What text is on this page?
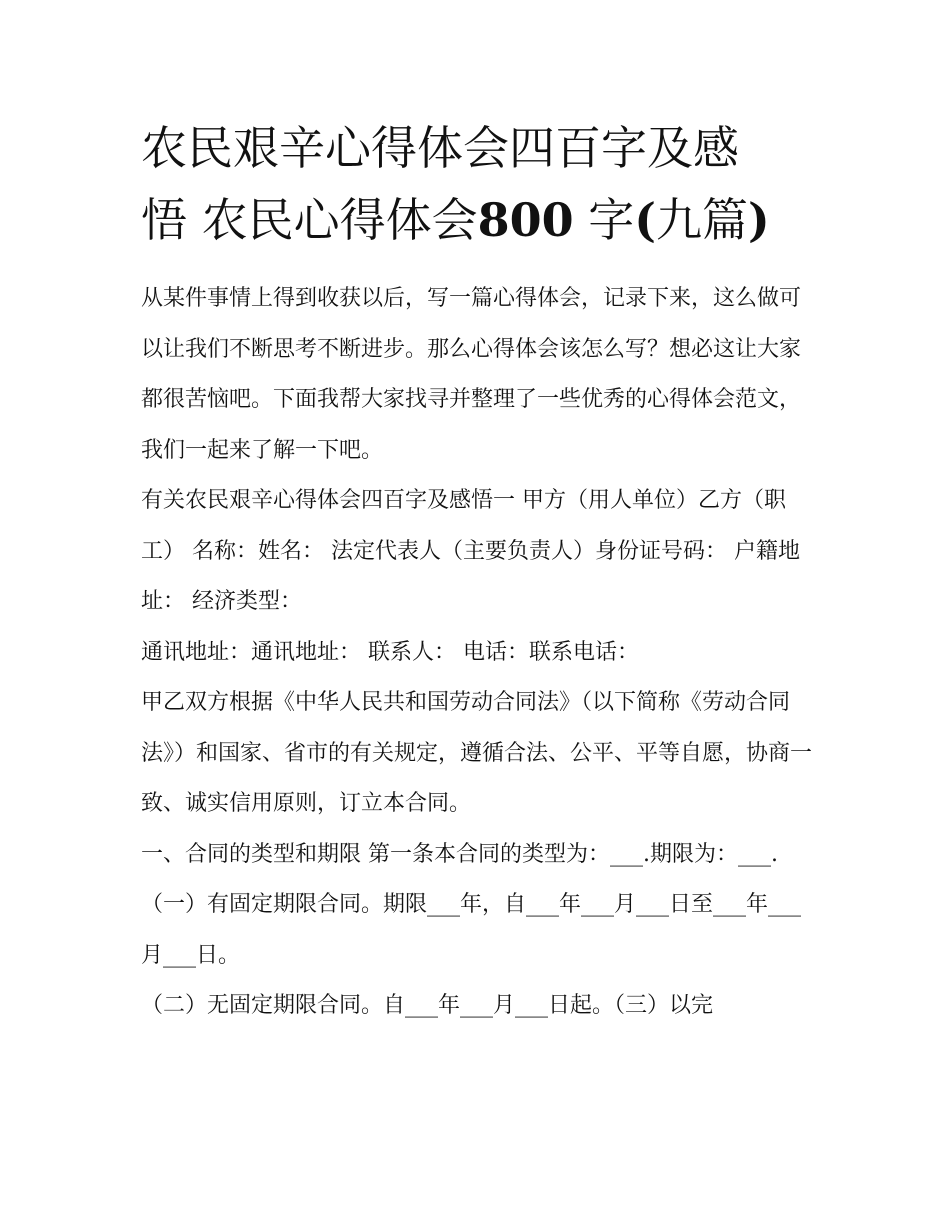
农民艰辛心得体会四百字及感
悟 农民心得体会800 字(九篇)

从某件事情上得到收获以后，写一篇心得体会，记录下来，这么做可以让我们不断思考不断进步。那么心得体会该怎么写？想必这让大家都很苦恼吧。下面我帮大家找寻并整理了一些优秀的心得体会范文，我们一起来了解一下吧。

有关农民艰辛心得体会四百字及感悟一 甲方（用人单位）乙方（职工） 名称：姓名： 法定代表人（主要负责人）身份证号码： 户籍地址： 经济类型：

通讯地址：通讯地址： 联系人： 电话：联系电话：

甲乙双方根据《中华人民共和国劳动合同法》（以下简称《劳动合同法》）和国家、省市的有关规定，遵循合法、公平、平等自愿，协商一致、诚实信用原则，订立本合同。

一、合同的类型和期限 第一条本合同的类型为：___.期限为：___.

（一）有固定期限合同。期限___年，自___年___月___日至___年___月___日。

（二）无固定期限合同。自___年___月___日起。（三）以完
